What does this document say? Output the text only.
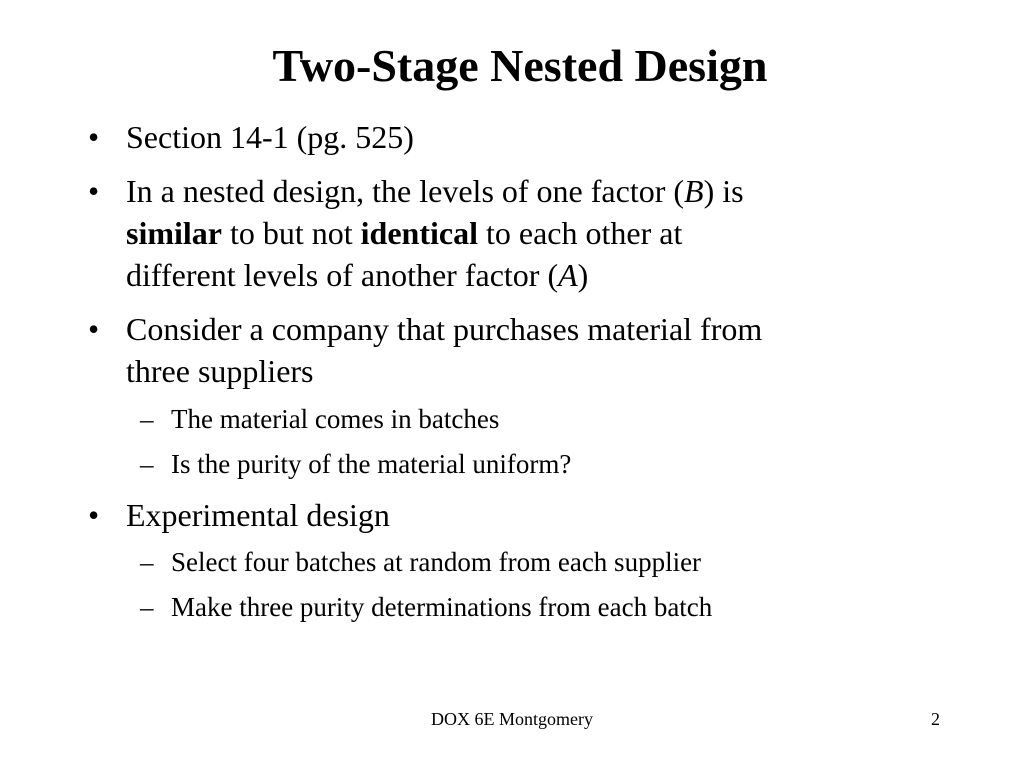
Two-Stage Nested Design
• Section 14-1 (pg. 525)
• In a nested design, the levels of one factor (B) is
similar to but not identical to each other at
different levels of another factor (A)
• Consider a company that purchases material from
three suppliers
– The material comes in batches
– Is the purity of the material uniform?
• Experimental design
– Select four batches at random from each supplier
– Make three purity determinations from each batch
DOX 6E Montgomery	2
